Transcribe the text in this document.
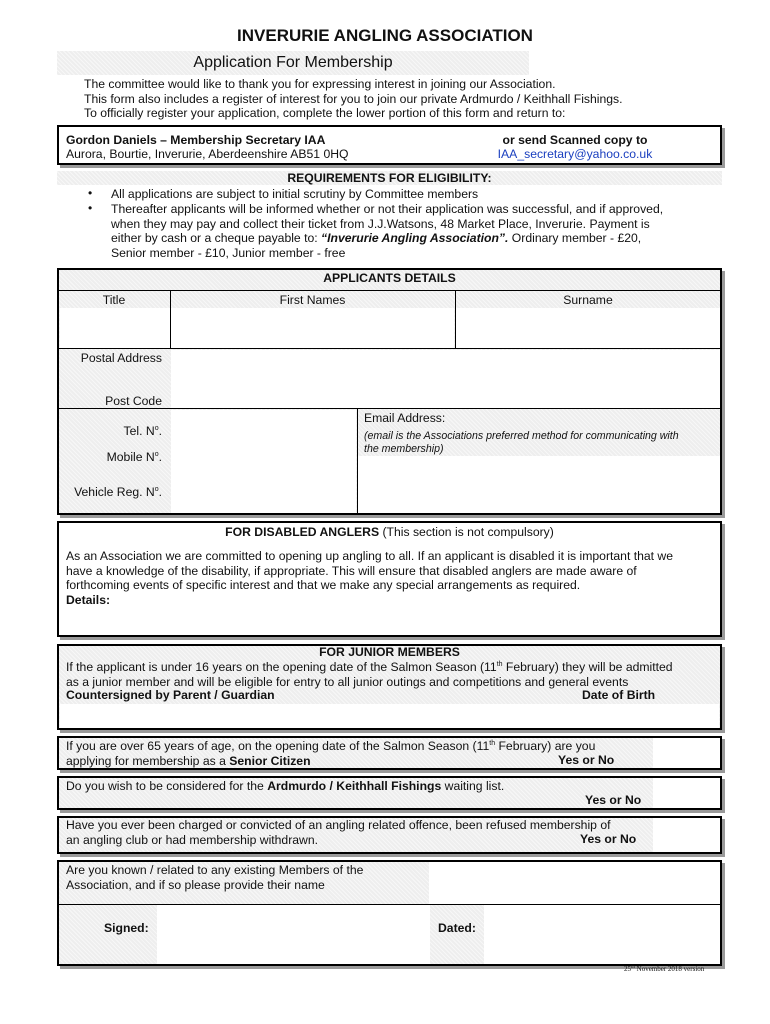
INVERURIE ANGLING ASSOCIATION
Application For Membership
The committee would like to thank you for expressing interest in joining our Association.
This form also includes a register of interest for you to join our private Ardmurdo / Keithhall Fishings.
To officially register your application, complete the lower portion of this form and return to:
Gordon Daniels – Membership Secretary IAA
Aurora, Bourtie, Inverurie, Aberdeenshire AB51 0HQ
or send Scanned copy to
IAA_secretary@yahoo.co.uk
REQUIREMENTS FOR ELIGIBILITY:
• All applications are subject to initial scrutiny by Committee members
• Thereafter applicants will be informed whether or not their application was successful, and if approved,
when they may pay and collect their ticket from J.J.Watsons, 48 Market Place, Inverurie. Payment is
either by cash or a cheque payable to: “Inverurie Angling Association”. Ordinary member - £20,
Senior member - £10, Junior member - free
APPLICANTS DETAILS
Title	First Names	Surname
Postal Address
Post Code
Tel. $N^o$.
Mobile $N^o$.
Vehicle Reg. $N^o$.
Email Address:
(email is the Associations preferred method for communicating with
the membership)
FOR DISABLED ANGLERS (This section is not compulsory)
As an Association we are committed to opening up angling to all. If an applicant is disabled it is important that we
have a knowledge of the disability, if appropriate. This will ensure that disabled anglers are made aware of
forthcoming events of specific interest and that we make any special arrangements as required.
Details:
FOR JUNIOR MEMBERS
If the applicant is under 16 years on the opening date of the Salmon Season (11th February) they will be admitted
as a junior member and will be eligible for entry to all junior outings and competitions and general events
Countersigned by Parent / Guardian	Date of Birth
If you are over 65 years of age, on the opening date of the Salmon Season (11th February) are you
applying for membership as a Senior Citizen	Yes or No
Do you wish to be considered for the Ardmurdo / Keithhall Fishings waiting list.
Yes or No
Have you ever been charged or convicted of an angling related offence, been refused membership of
an angling club or had membership withdrawn.	Yes or No
Are you known / related to any existing Members of the
Association, and if so please provide their name
Signed:	Dated:
25th November 2018 version
